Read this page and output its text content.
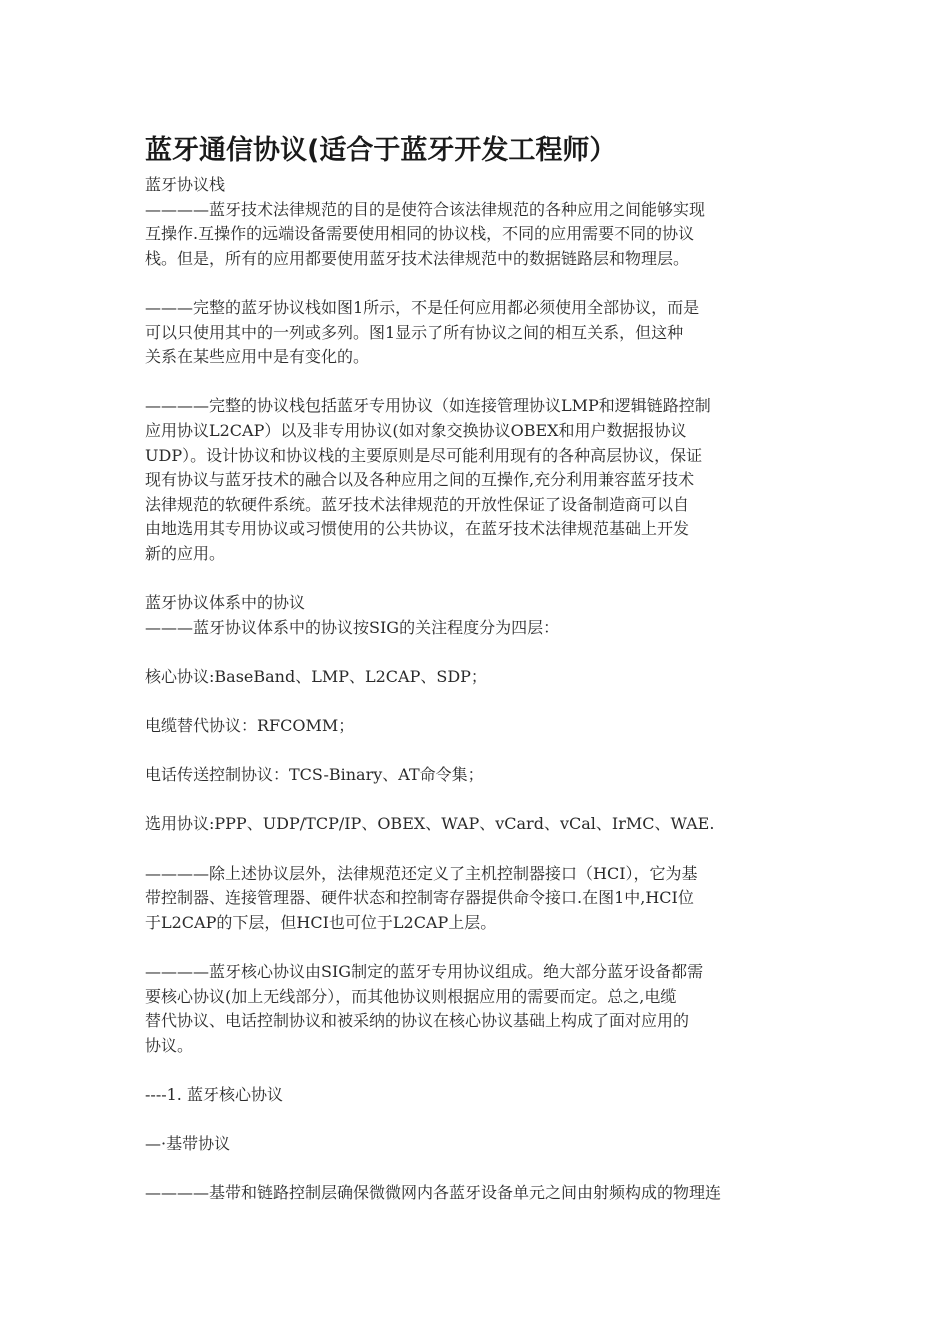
蓝牙通信协议(适合于蓝牙开发工程师）
蓝牙协议栈
————蓝牙技术法律规范的目的是使符合该法律规范的各种应用之间能够实现
互操作.互操作的远端设备需要使用相同的协议栈，不同的应用需要不同的协议
栈。但是，所有的应用都要使用蓝牙技术法律规范中的数据链路层和物理层。
———完整的蓝牙协议栈如图1所示，不是任何应用都必须使用全部协议，而是
可以只使用其中的一列或多列。图1显示了所有协议之间的相互关系，但这种
关系在某些应用中是有变化的。
————完整的协议栈包括蓝牙专用协议（如连接管理协议LMP和逻辑链路控制
应用协议L2CAP）以及非专用协议(如对象交换协议OBEX和用户数据报协议
UDP）。设计协议和协议栈的主要原则是尽可能利用现有的各种高层协议，保证
现有协议与蓝牙技术的融合以及各种应用之间的互操作,充分利用兼容蓝牙技术
法律规范的软硬件系统。蓝牙技术法律规范的开放性保证了设备制造商可以自
由地选用其专用协议或习惯使用的公共协议，在蓝牙技术法律规范基础上开发
新的应用。
蓝牙协议体系中的协议
———蓝牙协议体系中的协议按SIG的关注程度分为四层：
核心协议:BaseBand、LMP、L2CAP、SDP；
电缆替代协议：RFCOMM；
电话传送控制协议：TCS-Binary、AT命令集；
选用协议:PPP、UDP/TCP/IP、OBEX、WAP、vCard、vCal、IrMC、WAE.
————除上述协议层外，法律规范还定义了主机控制器接口（HCI），它为基
带控制器、连接管理器、硬件状态和控制寄存器提供命令接口.在图1中,HCI位
于L2CAP的下层，但HCI也可位于L2CAP上层。
————蓝牙核心协议由SIG制定的蓝牙专用协议组成。绝大部分蓝牙设备都需
要核心协议(加上无线部分），而其他协议则根据应用的需要而定。总之,电缆
替代协议、电话控制协议和被采纳的协议在核心协议基础上构成了面对应用的
协议。
----1. 蓝牙核心协议
—·基带协议
————基带和链路控制层确保微微网内各蓝牙设备单元之间由射频构成的物理连
